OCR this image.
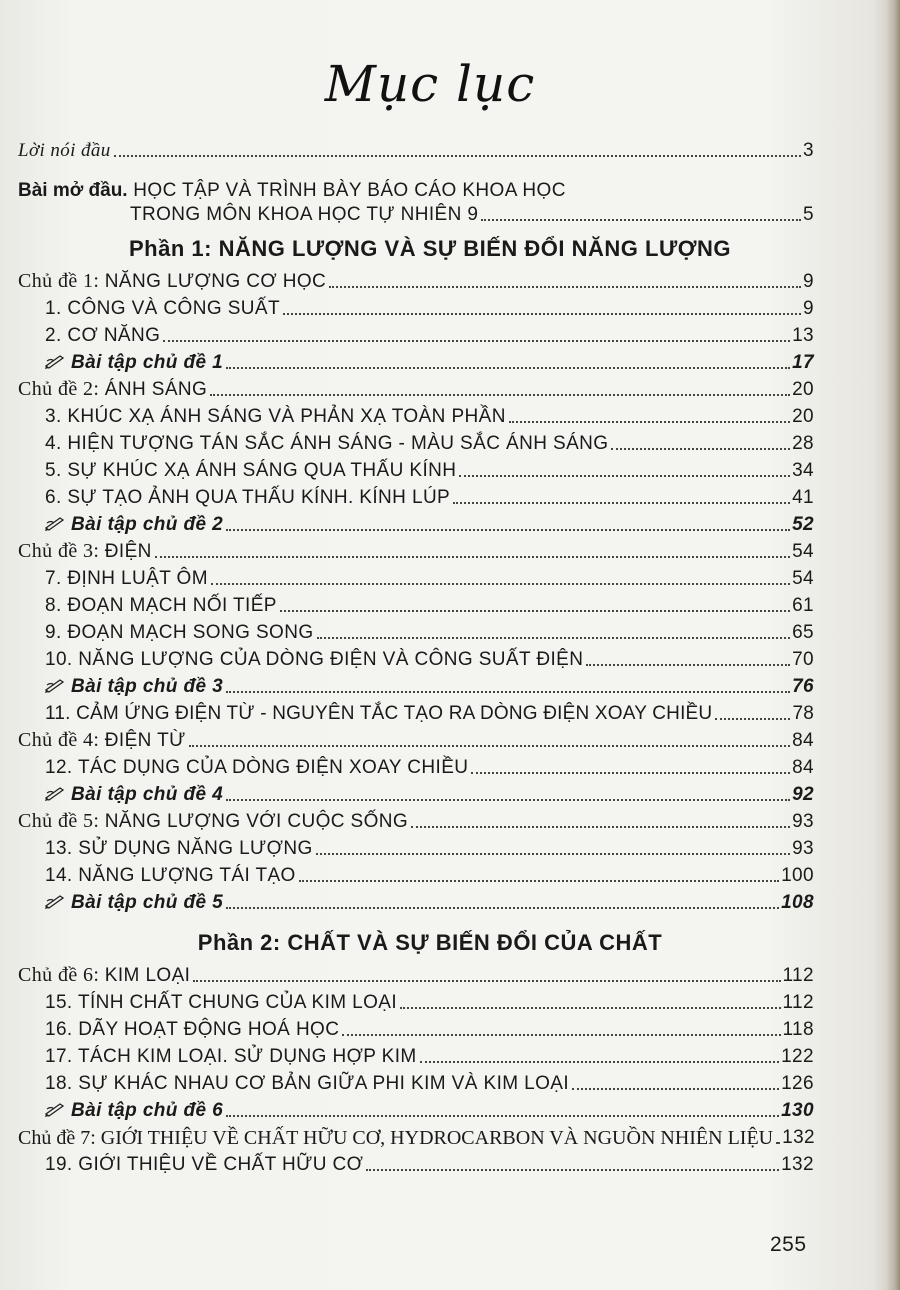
Mục lục
Lời nói đầu	3
Bài mở đầu. HỌC TẬP VÀ TRÌNH BÀY BÁO CÁO KHOA HỌC
TRONG MÔN KHOA HỌC TỰ NHIÊN 9	5
Phần 1: NĂNG LƯỢNG VÀ SỰ BIẾN ĐỔI NĂNG LƯỢNG
Chủ đề 1: NĂNG LƯỢNG CƠ HỌC	9
1. CÔNG VÀ CÔNG SUẤT	9
2. CƠ NĂNG	13
Bài tập chủ đề 1	17
Chủ đề 2: ÁNH SÁNG	20
3. KHÚC XẠ ÁNH SÁNG VÀ PHẢN XẠ TOÀN PHẦN	20
4. HIỆN TƯỢNG TÁN SẮC ÁNH SÁNG - MÀU SẮC ÁNH SÁNG	28
5. SỰ KHÚC XẠ ÁNH SÁNG QUA THẤU KÍNH	34
6. SỰ TẠO ẢNH QUA THẤU KÍNH. KÍNH LÚP	41
Bài tập chủ đề 2	52
Chủ đề 3: ĐIỆN	54
7. ĐỊNH LUẬT ÔM	54
8. ĐOẠN MẠCH NỐI TIẾP	61
9. ĐOẠN MẠCH SONG SONG	65
10. NĂNG LƯỢNG CỦA DÒNG ĐIỆN VÀ CÔNG SUẤT ĐIỆN	70
Bài tập chủ đề 3	76
11. CẢM ỨNG ĐIỆN TỪ - NGUYÊN TẮC TẠO RA DÒNG ĐIỆN XOAY CHIỀU	78
Chủ đề 4: ĐIỆN TỪ	84
12. TÁC DỤNG CỦA DÒNG ĐIỆN XOAY CHIỀU	84
Bài tập chủ đề 4	92
Chủ đề 5: NĂNG LƯỢNG VỚI CUỘC SỐNG	93
13. SỬ DỤNG NĂNG LƯỢNG	93
14. NĂNG LƯỢNG TÁI TẠO	100
Bài tập chủ đề 5	108
Phần 2: CHẤT VÀ SỰ BIẾN ĐỔI CỦA CHẤT
Chủ đề 6: KIM LOẠI	112
15. TÍNH CHẤT CHUNG CỦA KIM LOẠI	112
16. DÃY HOẠT ĐỘNG HOÁ HỌC	118
17. TÁCH KIM LOẠI. SỬ DỤNG HỢP KIM	122
18. SỰ KHÁC NHAU CƠ BẢN GIỮA PHI KIM VÀ KIM LOẠI	126
Bài tập chủ đề 6	130
Chủ đề 7: GIỚI THIỆU VỀ CHẤT HỮU CƠ, HYDROCARBON VÀ NGUỒN NHIÊN LIỆU 132
19. GIỚI THIỆU VỀ CHẤT HỮU CƠ	132
255
